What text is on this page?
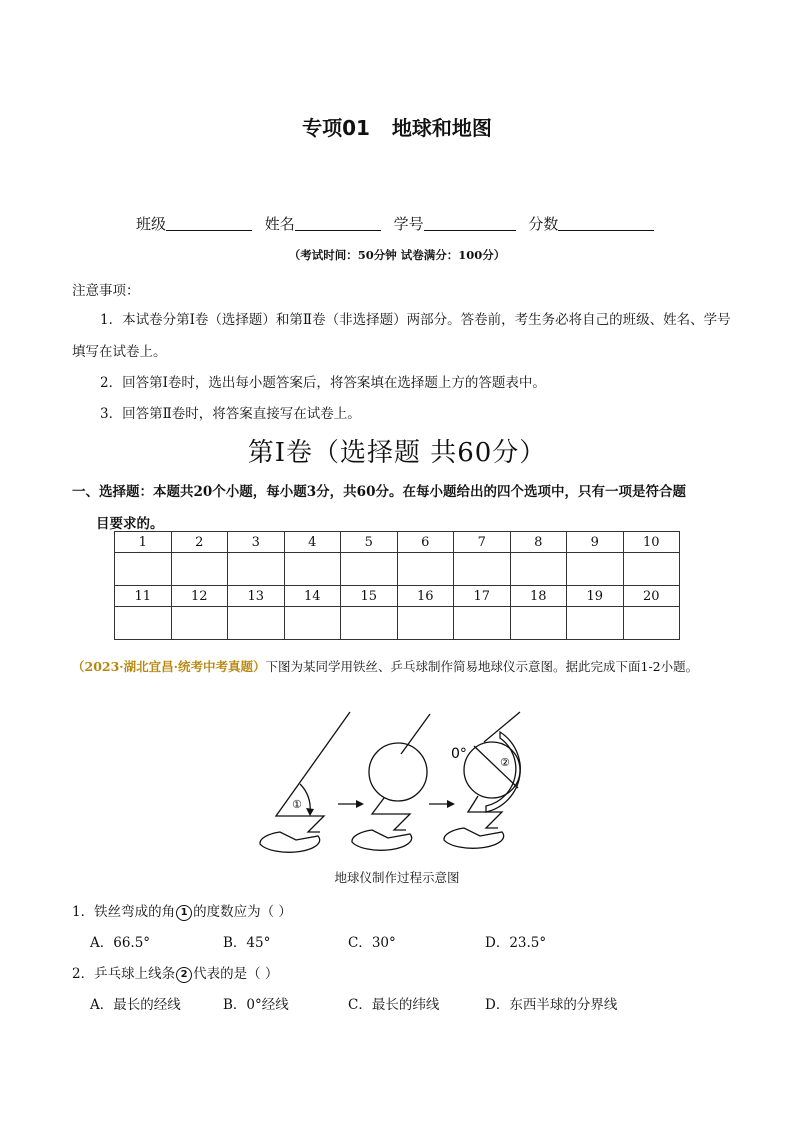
专项01 地球和地图
班级	姓名	学号	分数
（考试时间：50分钟 试卷满分：100分）
注意事项：
1．本试卷分第Ⅰ卷（选择题）和第Ⅱ卷（非选择题）两部分。答卷前，考生务必将自己的班级、姓名、学号填写在试卷上。
2．回答第Ⅰ卷时，选出每小题答案后，将答案填在选择题上方的答题表中。
3．回答第Ⅱ卷时，将答案直接写在试卷上。
第Ⅰ卷（选择题 共60分）
一、选择题：本题共20个小题，每小题3分，共60分。在每小题给出的四个选项中，只有一项是符合题
目要求的。
1	2	3	4	5	6	7	8	9	10

11	12	13	14	15	16	17	18	19	20

（2023·湖北宜昌·统考中考真题）下图为某同学用铁丝、乒乓球制作简易地球仪示意图。据此完成下面1-2小题。
①
②
0°
地球仪制作过程示意图
1．铁丝弯成的角 1 的度数应为（ ）
A．66.5°	B．45°	C．30°	D．23.5°
2．乒乓球上线条 2 代表的是（ ）
A．最长的经线	B．0°经线	C．最长的纬线	D．东西半球的分界线
